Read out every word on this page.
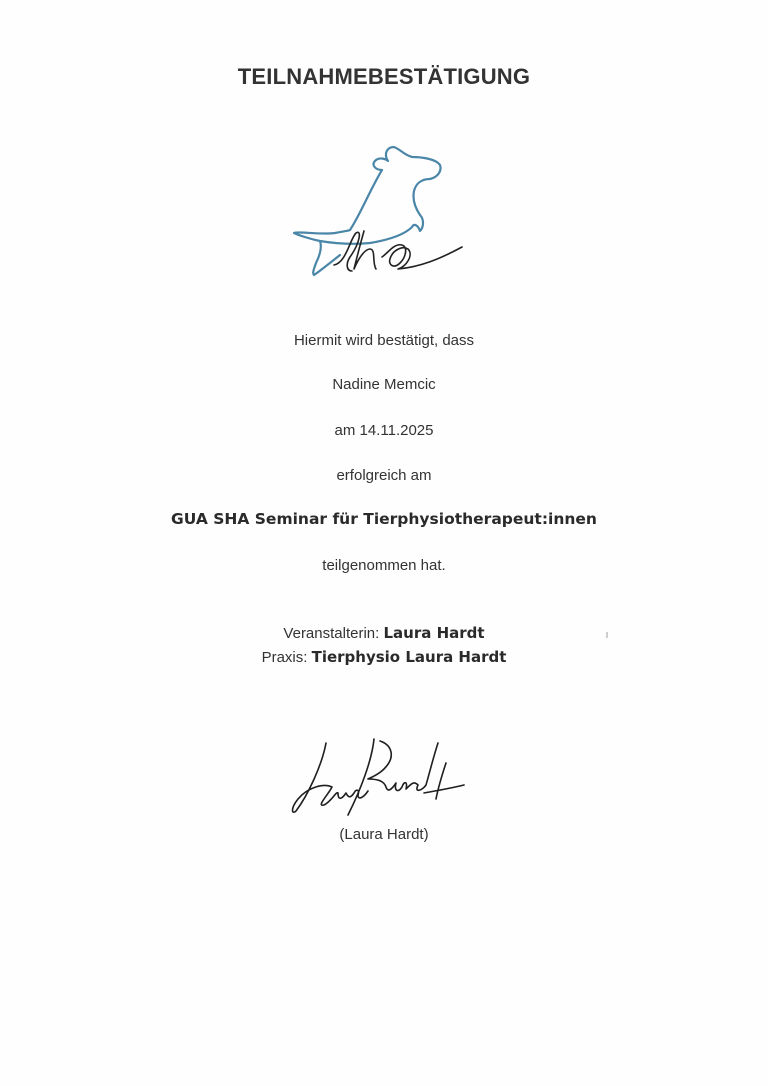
TEILNAHMEBESTÄTIGUNG
Hiermit wird bestätigt, dass
Nadine Memcic
am 14.11.2025
erfolgreich am
GUA SHA Seminar für Tierphysiotherapeut:innen
teilgenommen hat.
Veranstalterin: Laura Hardt
Praxis: Tierphysio Laura Hardt
(Laura Hardt)
